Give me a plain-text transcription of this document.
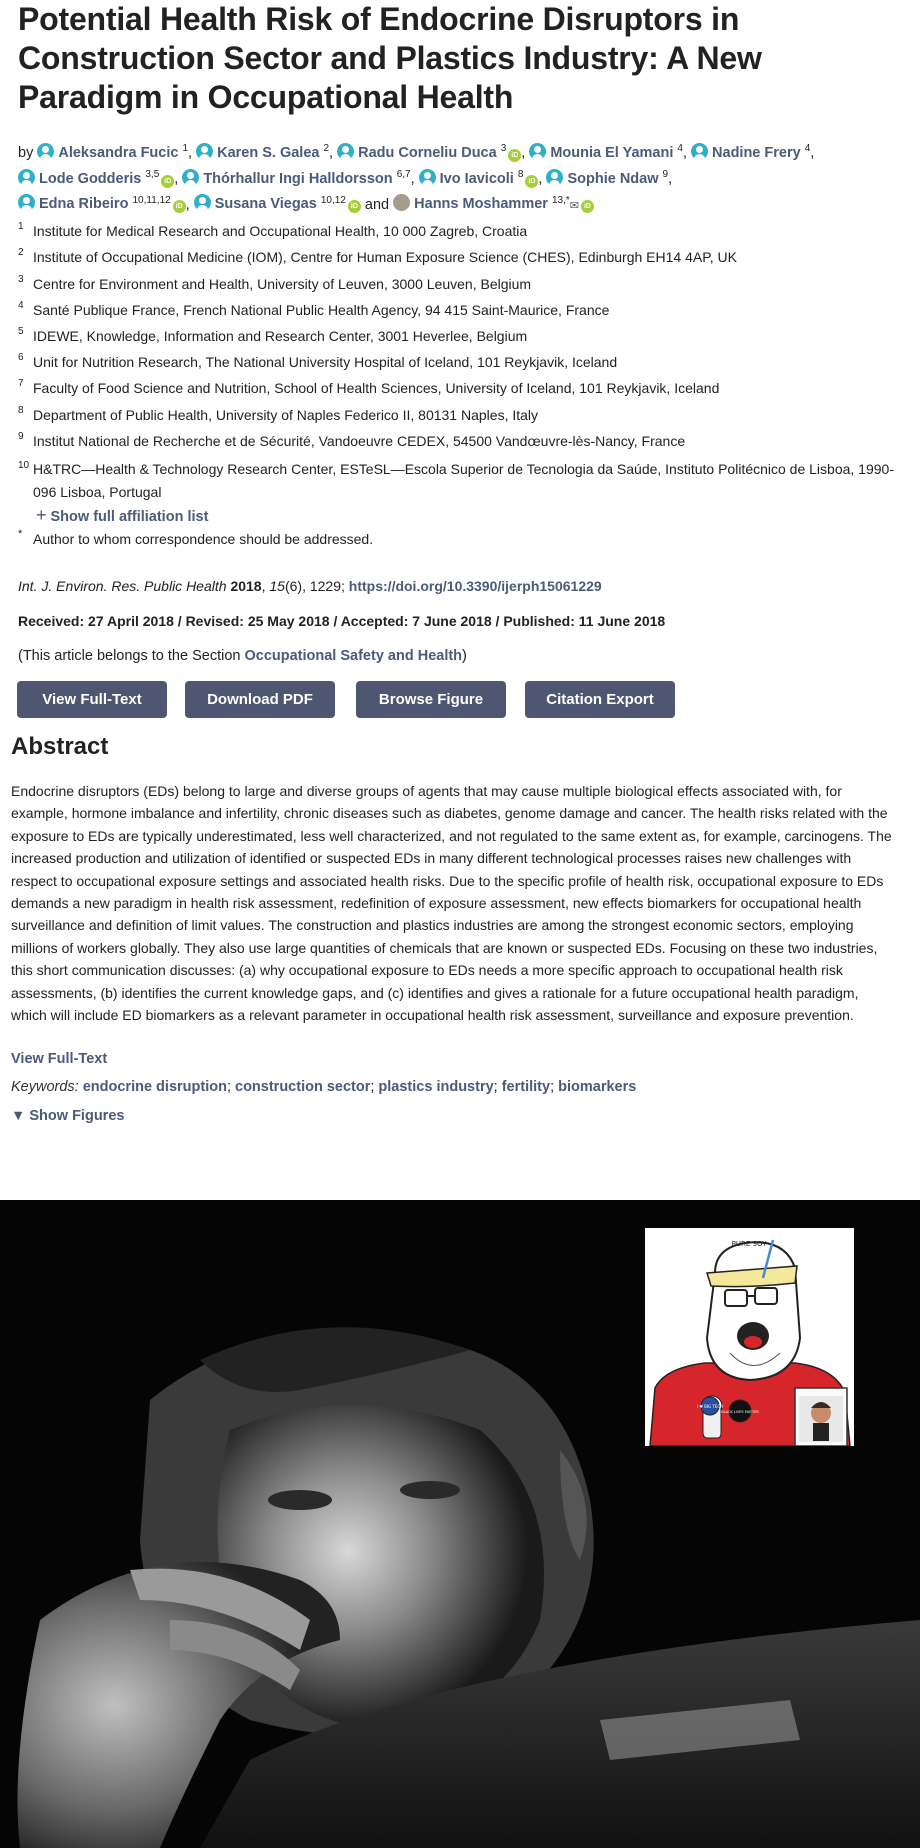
Potential Health Risk of Endocrine Disruptors in Construction Sector and Plastics Industry: A New Paradigm in Occupational Health
by Aleksandra Fucic $^1$, Karen S. Galea $^2$, Radu Corneliu Duca $^3$iD , Mounia El Yamani $^4$, Nadine Frery $^4$,
Lode Godderis $^{3,5}$iD , Thórhallur Ingi Halldorsson $^{6,7}$, Ivo Iavicoli $^8$iD , Sophie Ndaw $^9$,
Edna Ribeiro $^{10,11,12}$iD , Susana Viegas $^{10,12}$iD and Hanns Moshammer $^{13,*}$✉ iD
1 Institute for Medical Research and Occupational Health, 10 000 Zagreb, Croatia
2 Institute of Occupational Medicine (IOM), Centre for Human Exposure Science (CHES), Edinburgh EH14 4AP, UK
3 Centre for Environment and Health, University of Leuven, 3000 Leuven, Belgium
4 Santé Publique France, French National Public Health Agency, 94 415 Saint-Maurice, France
5 IDEWE, Knowledge, Information and Research Center, 3001 Heverlee, Belgium
6 Unit for Nutrition Research, The National University Hospital of Iceland, 101 Reykjavik, Iceland
7 Faculty of Food Science and Nutrition, School of Health Sciences, University of Iceland, 101 Reykjavik, Iceland
8 Department of Public Health, University of Naples Federico II, 80131 Naples, Italy
9 Institut National de Recherche et de Sécurité, Vandoeuvre CEDEX, 54500 Vandœuvre-lès-Nancy, France
10 H&TRC—Health & Technology Research Center, ESTeSL—Escola Superior de Tecnologia da Saúde, Instituto Politécnico de Lisboa, 1990-096 Lisboa, Portugal
+ Show full affiliation list
* Author to whom correspondence should be addressed.
Int. J. Environ. Res. Public Health 2018, 15(6), 1229; https://doi.org/10.3390/ijerph15061229
Received: 27 April 2018 / Revised: 25 May 2018 / Accepted: 7 June 2018 / Published: 11 June 2018
(This article belongs to the Section Occupational Safety and Health)
View Full-Text	Download PDF	Browse Figure	Citation Export
Abstract
Endocrine disruptors (EDs) belong to large and diverse groups of agents that may cause multiple biological effects associated with, for example, hormone imbalance and infertility, chronic diseases such as diabetes, genome damage and cancer. The health risks related with the exposure to EDs are typically underestimated, less well characterized, and not regulated to the same extent as, for example, carcinogens. The increased production and utilization of identified or suspected EDs in many different technological processes raises new challenges with respect to occupational exposure settings and associated health risks. Due to the specific profile of health risk, occupational exposure to EDs demands a new paradigm in health risk assessment, redefinition of exposure assessment, new effects biomarkers for occupational health surveillance and definition of limit values. The construction and plastics industries are among the strongest economic sectors, employing millions of workers globally. They also use large quantities of chemicals that are known or suspected EDs. Focusing on these two industries, this short communication discusses: (a) why occupational exposure to EDs needs a more specific approach to occupational health risk assessments, (b) identifies the current knowledge gaps, and (c) identifies and gives a rationale for a future occupational health paradigm, which will include ED biomarkers as a relevant parameter in occupational health risk assessment, surveillance and exposure prevention.
View Full-Text
Keywords: endocrine disruption; construction sector; plastics industry; fertility; biomarkers
▼ Show Figures
PURE SOY
I ♥ BIG TECH
BLACK LIVES MATTER
